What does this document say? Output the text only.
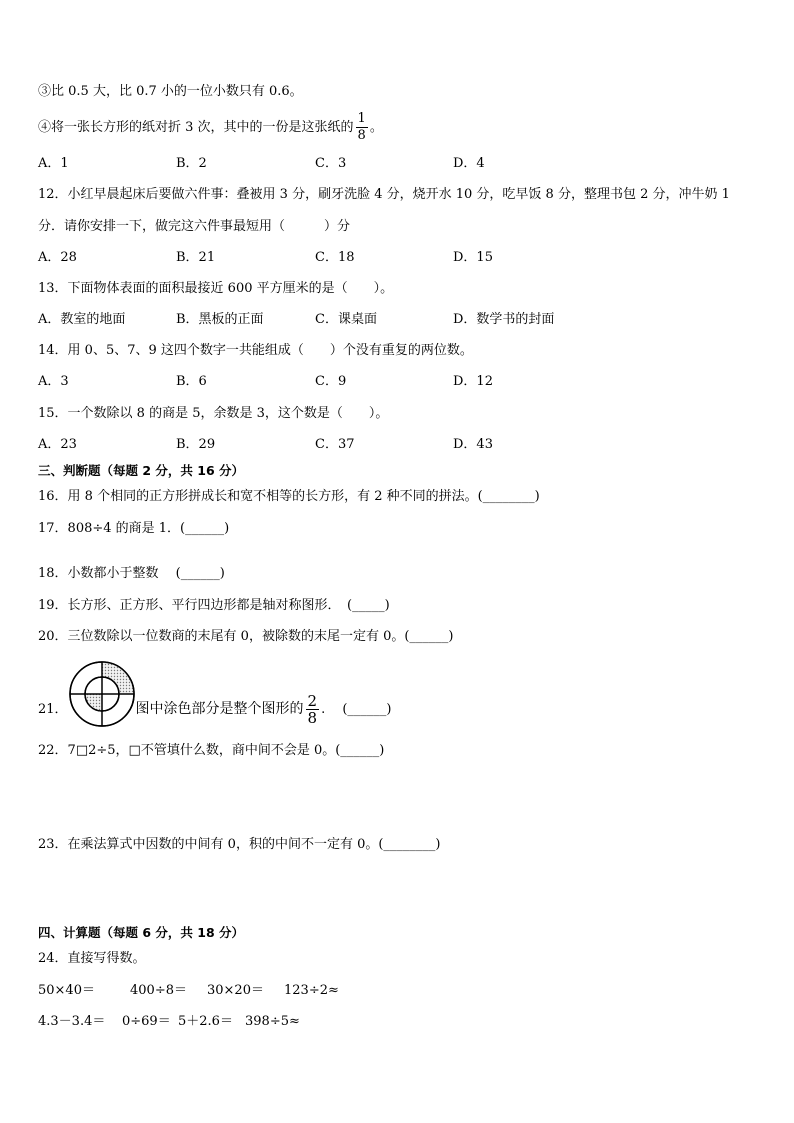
③比 0.5 大，比 0.7 小的一位小数只有 0.6。
④将一张长方形的纸对折 3 次，其中的一份是这张纸的 $\frac{1}{8}$ 。
A．1	B．2	C．3	D．4
12．小红早晨起床后要做六件事：叠被用 3 分，刷牙洗脸 4 分，烧开水 10 分，吃早饭 8 分，整理书包 2 分，冲牛奶 1
分．请你安排一下，做完这六件事最短用（　　　）分
A．28	B．21	C．18	D．15
13．下面物体表面的面积最接近 600 平方厘米的是（　　）。
A．教室的地面	B．黑板的正面	C．课桌面	D．数学书的封面
14．用 0、5、7、9 这四个数字一共能组成（　　）个没有重复的两位数。
A．3	B．6	C．9	D．12
15．一个数除以 8 的商是 5，余数是 3，这个数是（　　）。
A．23	B．29	C．37	D．43
三、判断题（每题 2 分，共 16 分）
16．用 8 个相同的正方形拼成长和宽不相等的长方形，有 2 种不同的拼法。(________)
17．808÷4 的商是 1．(______)
18．小数都小于整数 　(______)
19．长方形、正方形、平行四边形都是轴对称图形．　(_____)
20．三位数除以一位数商的末尾有 0，被除数的末尾一定有 0。(______)
21．	图中涂色部分是整个图形的 $\frac{2}{8}$ .　 (______)
22．7□2÷5，□不管填什么数，商中间不会是 0。(______)
23．在乘法算式中因数的中间有 0，积的中间不一定有 0。(________)
四、计算题（每题 6 分，共 18 分）
24．直接写得数。
50×40＝	400÷8＝ 30×20＝ 123÷2≈
4.3－3.4＝ 0÷69＝ 5＋2.6＝ 398÷5≈
